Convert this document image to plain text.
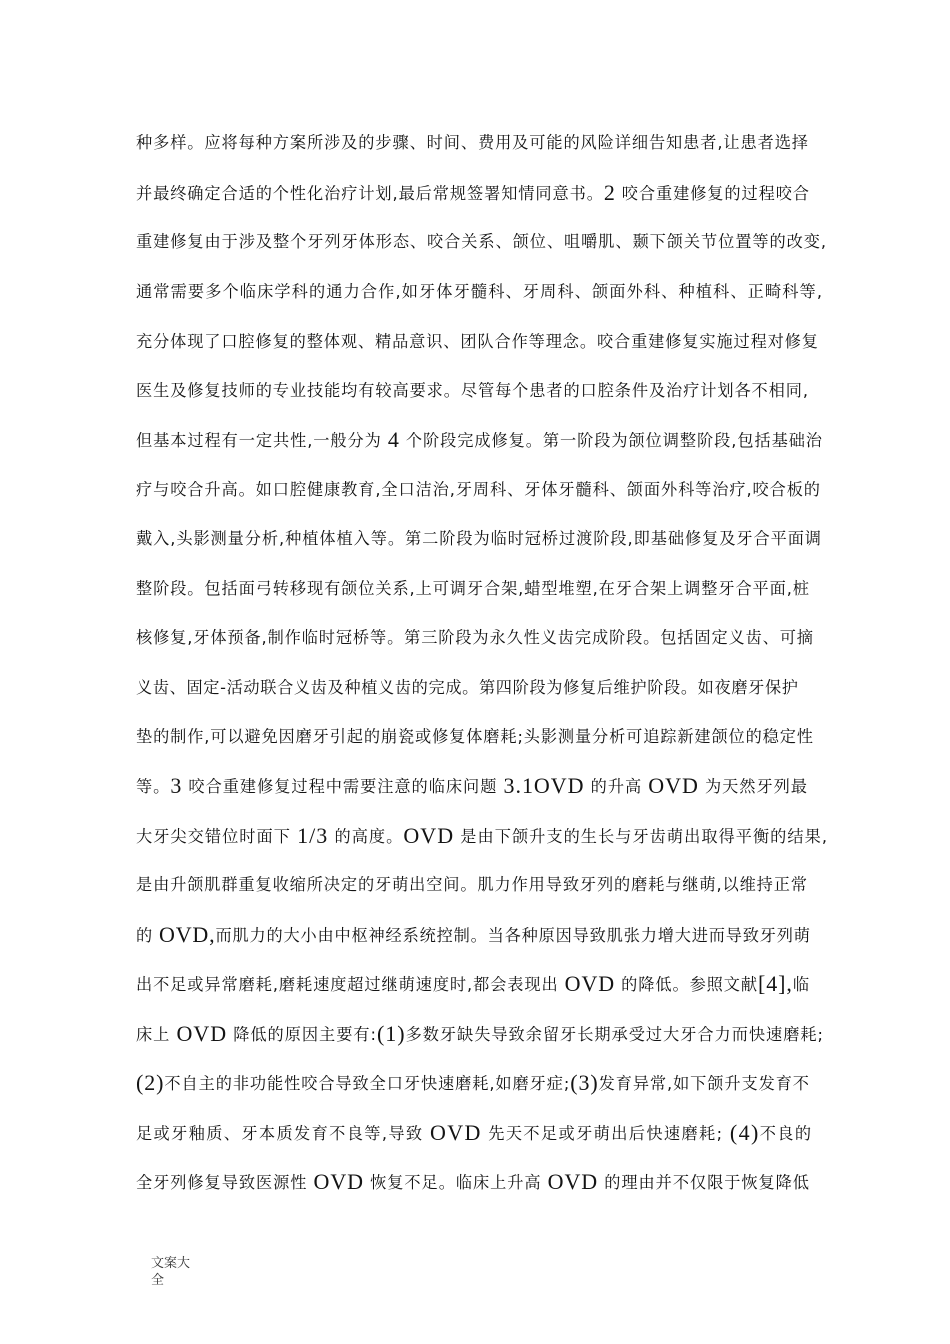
种多样。应将每种方案所涉及的步骤、时间、费用及可能的风险详细告知患者,让患者选择
并最终确定合适的个性化治疗计划,最后常规签署知情同意书。2 咬合重建修复的过程咬合
重建修复由于涉及整个牙列牙体形态、咬合关系、颌位、咀嚼肌、颞下颌关节位置等的改变,
通常需要多个临床学科的通力合作,如牙体牙髓科、牙周科、颌面外科、种植科、正畸科等,
充分体现了口腔修复的整体观、精品意识、团队合作等理念。咬合重建修复实施过程对修复
医生及修复技师的专业技能均有较高要求。尽管每个患者的口腔条件及治疗计划各不相同,
但基本过程有一定共性,一般分为 4 个阶段完成修复。第一阶段为颌位调整阶段,包括基础治
疗与咬合升高。如口腔健康教育,全口洁治,牙周科、牙体牙髓科、颌面外科等治疗,咬合板的
戴入,头影测量分析,种植体植入等。第二阶段为临时冠桥过渡阶段,即基础修复及牙合平面调
整阶段。包括面弓转移现有颌位关系,上可调牙合架,蜡型堆塑,在牙合架上调整牙合平面,桩
核修复,牙体预备,制作临时冠桥等。第三阶段为永久性义齿完成阶段。包括固定义齿、可摘
义齿、固定-活动联合义齿及种植义齿的完成。第四阶段为修复后维护阶段。如夜磨牙保护
垫的制作,可以避免因磨牙引起的崩瓷或修复体磨耗;头影测量分析可追踪新建颌位的稳定性
等。3 咬合重建修复过程中需要注意的临床问题 3.1OVD 的升高 OVD 为天然牙列最
大牙尖交错位时面下 1/3 的高度。OVD 是由下颌升支的生长与牙齿萌出取得平衡的结果,
是由升颌肌群重复收缩所决定的牙萌出空间。肌力作用导致牙列的磨耗与继萌,以维持正常
的 OVD,而肌力的大小由中枢神经系统控制。当各种原因导致肌张力增大进而导致牙列萌
出不足或异常磨耗,磨耗速度超过继萌速度时,都会表现出 OVD 的降低。参照文献[4],临
床上 OVD 降低的原因主要有:(1)多数牙缺失导致余留牙长期承受过大牙合力而快速磨耗;
(2)不自主的非功能性咬合导致全口牙快速磨耗,如磨牙症;(3)发育异常,如下颌升支发育不
足或牙釉质、牙本质发育不良等,导致 OVD 先天不足或牙萌出后快速磨耗; (4)不良的
全牙列修复导致医源性 OVD 恢复不足。临床上升高 OVD 的理由并不仅限于恢复降低
文案大全
